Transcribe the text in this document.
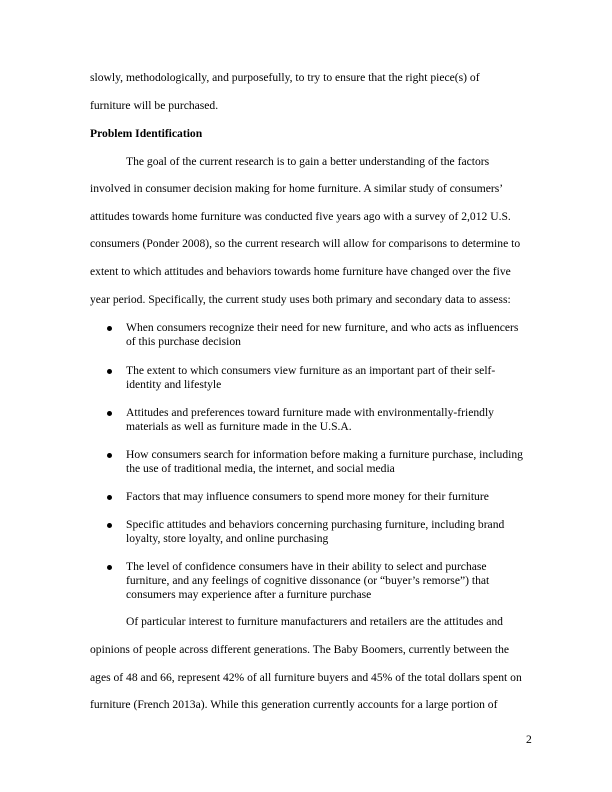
slowly, methodologically, and purposefully, to try to ensure that the right piece(s) of
furniture will be purchased.
Problem Identification
The goal of the current research is to gain a better understanding of the factors
involved in consumer decision making for home furniture. A similar study of consumers’
attitudes towards home furniture was conducted five years ago with a survey of 2,012 U.S.
consumers (Ponder 2008), so the current research will allow for comparisons to determine to
extent to which attitudes and behaviors towards home furniture have changed over the five
year period. Specifically, the current study uses both primary and secondary data to assess:
When consumers recognize their need for new furniture, and who acts as influencers
of this purchase decision
The extent to which consumers view furniture as an important part of their self-
identity and lifestyle
Attitudes and preferences toward furniture made with environmentally-friendly
materials as well as furniture made in the U.S.A.
How consumers search for information before making a furniture purchase, including
the use of traditional media, the internet, and social media
Factors that may influence consumers to spend more money for their furniture
Specific attitudes and behaviors concerning purchasing furniture, including brand
loyalty, store loyalty, and online purchasing
The level of confidence consumers have in their ability to select and purchase
furniture, and any feelings of cognitive dissonance (or “buyer’s remorse”) that
consumers may experience after a furniture purchase
Of particular interest to furniture manufacturers and retailers are the attitudes and
opinions of people across different generations. The Baby Boomers, currently between the
ages of 48 and 66, represent 42% of all furniture buyers and 45% of the total dollars spent on
furniture (French 2013a). While this generation currently accounts for a large portion of
2
